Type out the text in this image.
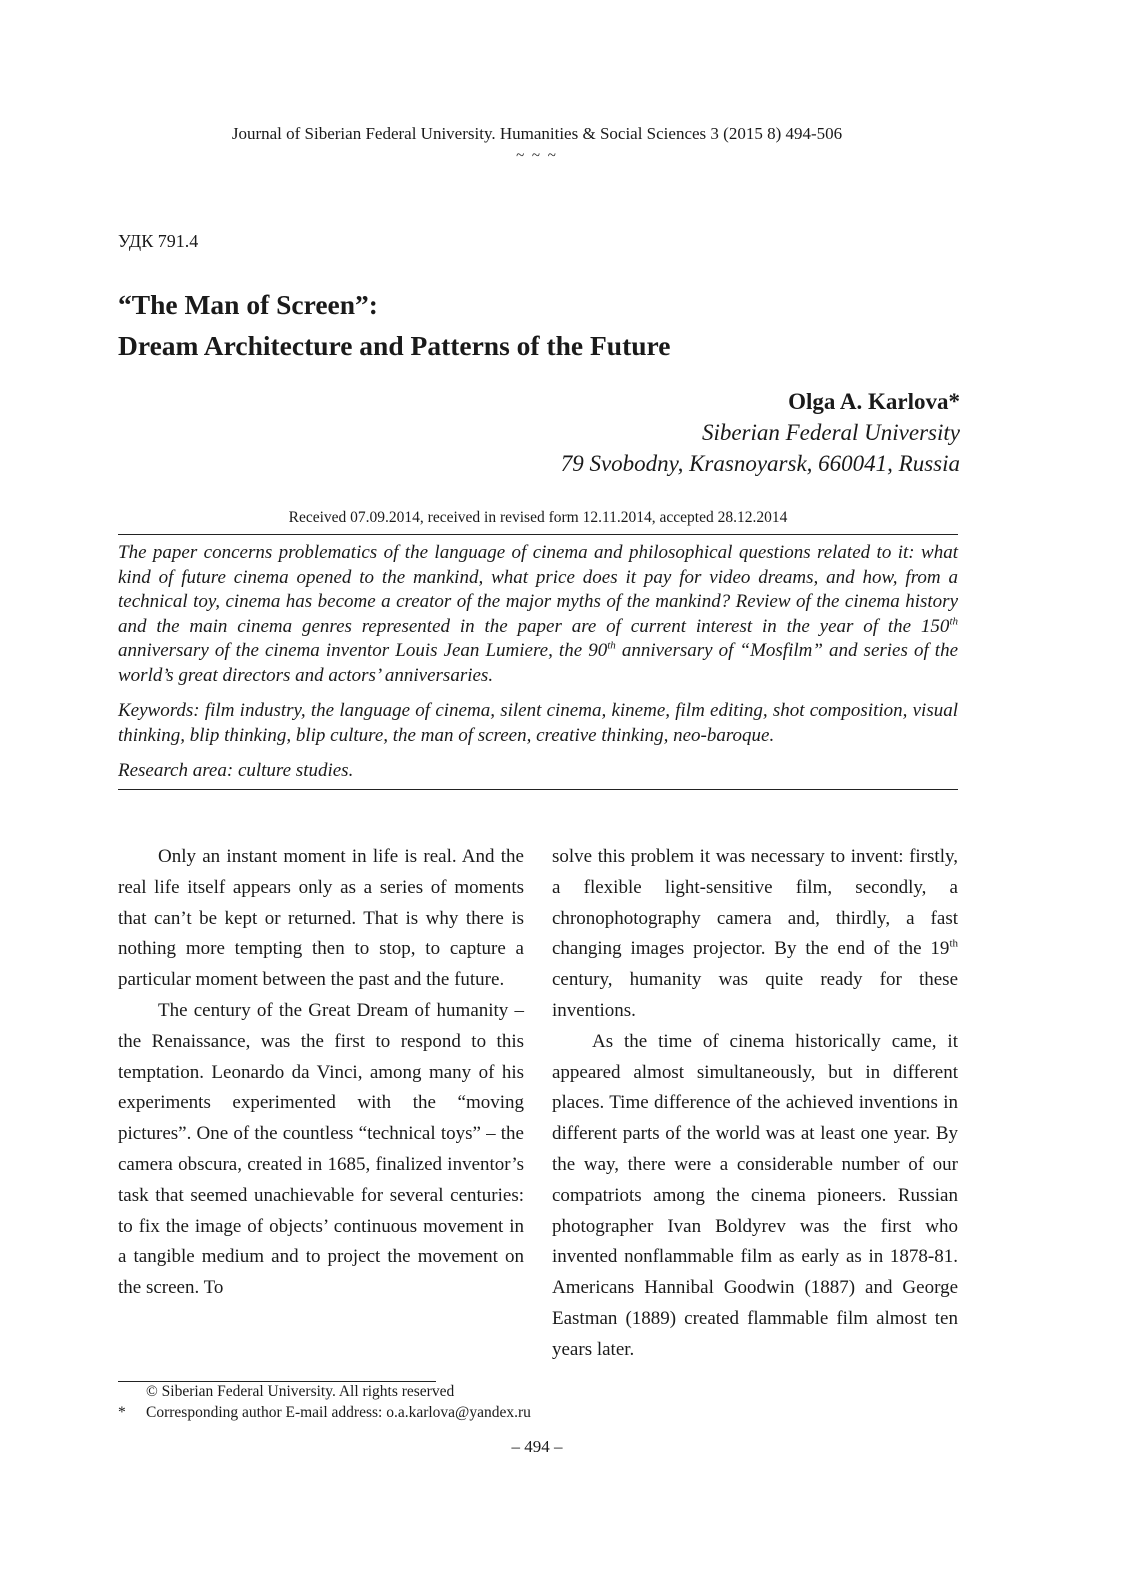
Journal of Siberian Federal University. Humanities & Social Sciences 3 (2015 8) 494-506
~ ~ ~
УДК 791.4
“The Man of Screen”:
Dream Architecture and Patterns of the Future
Olga A. Karlova*
Siberian Federal University
79 Svobodny, Krasnoyarsk, 660041, Russia
Received 07.09.2014, received in revised form 12.11.2014, accepted 28.12.2014
The paper concerns problematics of the language of cinema and philosophical questions related to it: what kind of future cinema opened to the mankind, what price does it pay for video dreams, and how, from a technical toy, cinema has become a creator of the major myths of the mankind? Review of the cinema history and the main cinema genres represented in the paper are of current interest in the year of the 150th anniversary of the cinema inventor Louis Jean Lumiere, the 90th anniversary of “Mosfilm” and series of the world’s great directors and actors’ anniversaries.
Keywords: film industry, the language of cinema, silent cinema, kineme, film editing, shot composition, visual thinking, blip thinking, blip culture, the man of screen, creative thinking, neo-baroque.
Research area: culture studies.

Only an instant moment in life is real. And the real life itself appears only as a series of moments that can’t be kept or returned. That is why there is nothing more tempting then to stop, to capture a particular moment between the past and the future.

The century of the Great Dream of humanity – the Renaissance, was the first to respond to this temptation. Leonardo da Vinci, among many of his experiments experimented with the “moving pictures”. One of the countless “technical toys” – the camera obscura, created in 1685, finalized inventor’s task that seemed unachievable for several centuries: to fix the image of objects’ continuous movement in a tangible medium and to project the movement on the screen. To

solve this problem it was necessary to invent: firstly, a flexible light-sensitive film, secondly, a chronophotography camera and, thirdly, a fast changing images projector. By the end of the 19th century, humanity was quite ready for these inventions.

As the time of cinema historically came, it appeared almost simultaneously, but in different places. Time difference of the achieved inventions in different parts of the world was at least one year. By the way, there were a considerable number of our compatriots among the cinema pioneers. Russian photographer Ivan Boldyrev was the first who invented nonflammable film as early as in 1878-81. Americans Hannibal Goodwin (1887) and George Eastman (1889) created flammable film almost ten years later.

© Siberian Federal University. All rights reserved
* Corresponding author E-mail address: o.a.karlova@yandex.ru
– 494 –
